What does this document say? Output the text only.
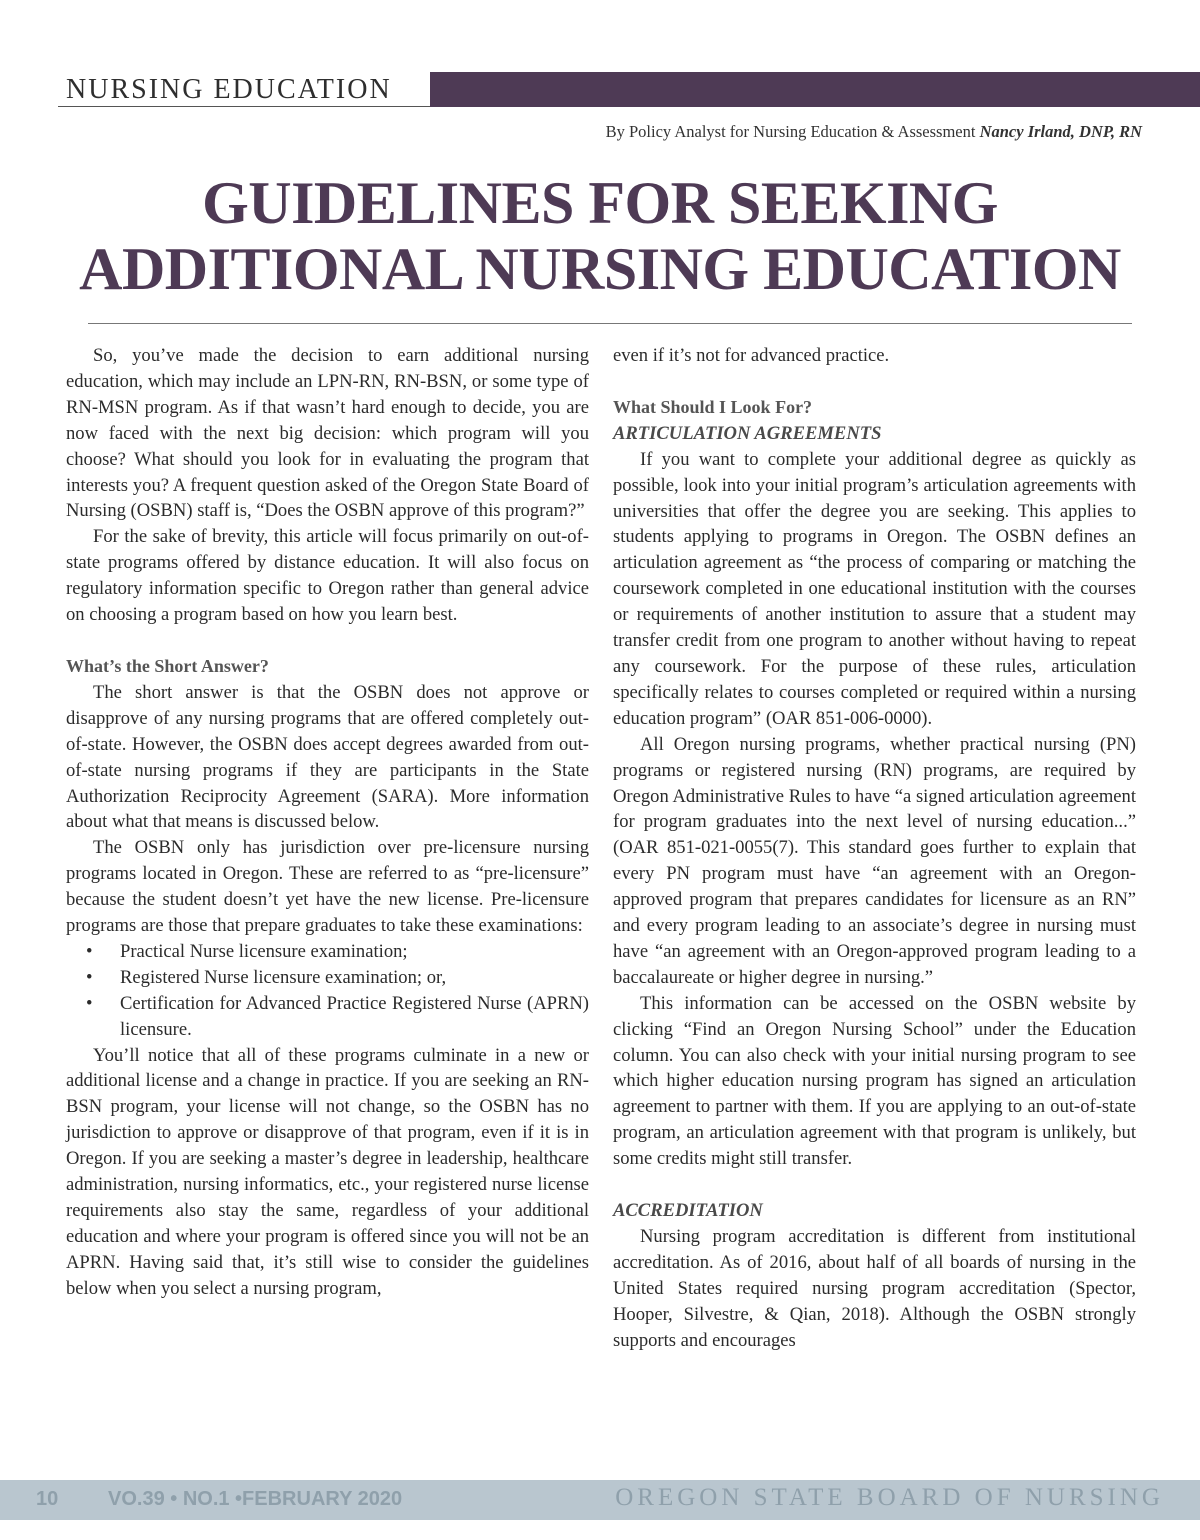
NURSING EDUCATION
By Policy Analyst for Nursing Education & Assessment Nancy Irland, DNP, RN
GUIDELINES FOR SEEKING
ADDITIONAL NURSING EDUCATION

So, you’ve made the decision to earn additional nursing education, which may include an LPN-RN, RN-BSN, or some type of RN-MSN program. As if that wasn’t hard enough to decide, you are now faced with the next big decision: which program will you choose? What should you look for in evaluating the program that interests you? A frequent question asked of the Oregon State Board of Nursing (OSBN) staff is, “Does the OSBN approve of this program?”

For the sake of brevity, this article will focus primarily on out-of-state programs offered by distance education. It will also focus on regulatory information specific to Oregon rather than general advice on choosing a program based on how you learn best.

What’s the Short Answer?

The short answer is that the OSBN does not approve or disapprove of any nursing programs that are offered completely out-of-state. However, the OSBN does accept degrees awarded from out-of-state nursing programs if they are participants in the State Authorization Reciprocity Agreement (SARA). More information about what that means is discussed below.

The OSBN only has jurisdiction over pre-licensure nursing programs located in Oregon. These are referred to as “pre-licensure” because the student doesn’t yet have the new license. Pre-licensure programs are those that prepare graduates to take these examinations:

• Practical Nurse licensure examination;
• Registered Nurse licensure examination; or,
• Certification for Advanced Practice Registered Nurse (APRN) licensure.

You’ll notice that all of these programs culminate in a new or additional license and a change in practice. If you are seeking an RN-BSN program, your license will not change, so the OSBN has no jurisdiction to approve or disapprove of that program, even if it is in Oregon. If you are seeking a master’s degree in leadership, healthcare administration, nursing informatics, etc., your registered nurse license requirements also stay the same, regardless of your additional education and where your program is offered since you will not be an APRN. Having said that, it’s still wise to consider the guidelines below when you select a nursing program,

even if it’s not for advanced practice.

What Should I Look For?
ARTICULATION AGREEMENTS

If you want to complete your additional degree as quickly as possible, look into your initial program’s articulation agreements with universities that offer the degree you are seeking. This applies to students applying to programs in Oregon. The OSBN defines an articulation agreement as “the process of comparing or matching the coursework completed in one educational institution with the courses or requirements of another institution to assure that a student may transfer credit from one program to another without having to repeat any coursework. For the purpose of these rules, articulation specifically relates to courses completed or required within a nursing education program” (OAR 851-006-0000).

All Oregon nursing programs, whether practical nursing (PN) programs or registered nursing (RN) programs, are required by Oregon Administrative Rules to have “a signed articulation agreement for program graduates into the next level of nursing education...” (OAR 851-021-0055(7). This standard goes further to explain that every PN program must have “an agreement with an Oregon-approved program that prepares candidates for licensure as an RN” and every program leading to an associate’s degree in nursing must have “an agreement with an Oregon-approved program leading to a baccalaureate or higher degree in nursing.”

This information can be accessed on the OSBN website by clicking “Find an Oregon Nursing School” under the Education column. You can also check with your initial nursing program to see which higher education nursing program has signed an articulation agreement to partner with them. If you are applying to an out-of-state program, an articulation agreement with that program is unlikely, but some credits might still transfer.

ACCREDITATION

Nursing program accreditation is different from institutional accreditation. As of 2016, about half of all boards of nursing in the United States required nursing program accreditation (Spector, Hooper, Silvestre, & Qian, 2018). Although the OSBN strongly supports and encourages

10 VO.39 • NO.1 •FEBRUARY 2020	OREGON STATE BOARD OF NURSING
